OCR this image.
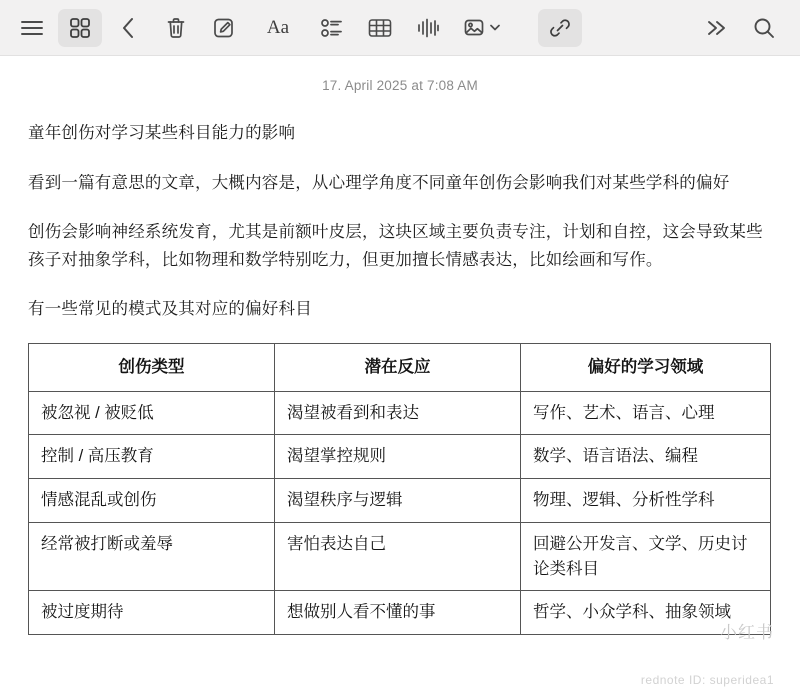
Aa
17. April 2025 at 7:08 AM

童年创伤对学习某些科目能力的影响

看到一篇有意思的文章，大概内容是，从心理学角度不同童年创伤会影响我们对某些学科的偏好

创伤会影响神经系统发育，尤其是前额叶皮层，这块区域主要负责专注，计划和自控，这会导致某些孩子对抽象学科，比如物理和数学特别吃力，但更加擅长情感表达，比如绘画和写作。

有一些常见的模式及其对应的偏好科目

创伤类型	潜在反应	偏好的学习领域
被忽视 / 被贬低	渴望被看到和表达	写作、艺术、语言、心理
控制 / 高压教育	渴望掌控规则	数学、语言语法、编程
情感混乱或创伤	渴望秩序与逻辑	物理、逻辑、分析性学科
经常被打断或羞辱	害怕表达自己	回避公开发言、文学、历史讨论类科目
被过度期待	想做别人看不懂的事	哲学、小众学科、抽象领域
小红书
rednote ID: superidea1
